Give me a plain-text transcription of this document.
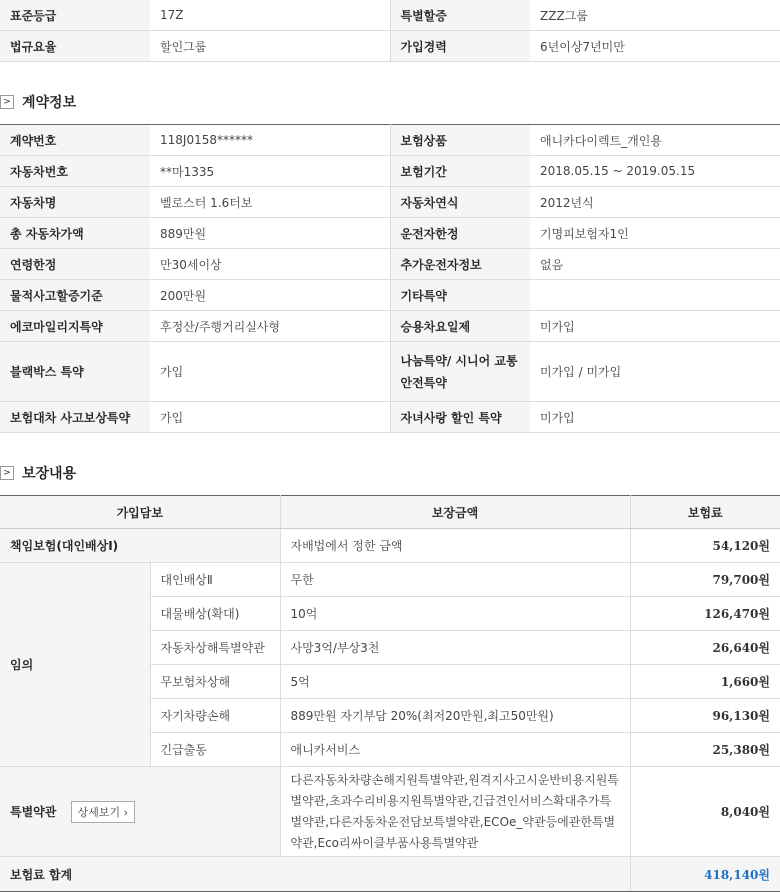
표준등급	17Z	특별할증	ZZZ그룹
법규요율	할인그룹	가입경력	6년이상7년미만
> 계약정보
계약번호	118J0158******	보험상품	애니카다이렉트_개인용
자동차번호	**마1335	보험기간	2018.05.15 ~ 2019.05.15
자동차명	벨로스터 1.6터보	자동차연식	2012년식
총 자동차가액	889만원	운전자한정	기명피보험자1인
연령한정	만30세이상	추가운전자정보	없음
물적사고할증기준	200만원	기타특약	
에코마일리지특약	후정산/주행거리실사형	승용차요일제	미가입
블랙박스 특약	가입	나눔특약/ 시니어 교통안전특약	미가입 / 미가입
보험대차 사고보상특약	가입	자녀사랑 할인 특약	미가입
> 보장내용
가입담보		보장금액	보험료
책임보험(대인배상Ⅰ)		자배법에서 정한 금액	54,120원
임의	대인배상Ⅱ	무한	79,700원
	대물배상(확대)	10억	126,470원
	자동차상해특별약관	사망3억/부상3천	26,640원
	무보험차상해	5억	1,660원
	자기차량손해	889만원 자기부담 20%(최저20만원,최고50만원)	96,130원
	긴급출동	애니카서비스	25,380원
특별약관 상세보기 ›		다른자동차차량손해지원특별약관,원격지사고시운반비용지원특별약관,초과수리비용지원특별약관,긴급견인서비스확대추가특별약관,다른자동차운전담보특별약관,ECOe_약관등에관한특별약관,Eco리싸이클부품사용특별약관	8,040원
보험료 합계			418,140원
